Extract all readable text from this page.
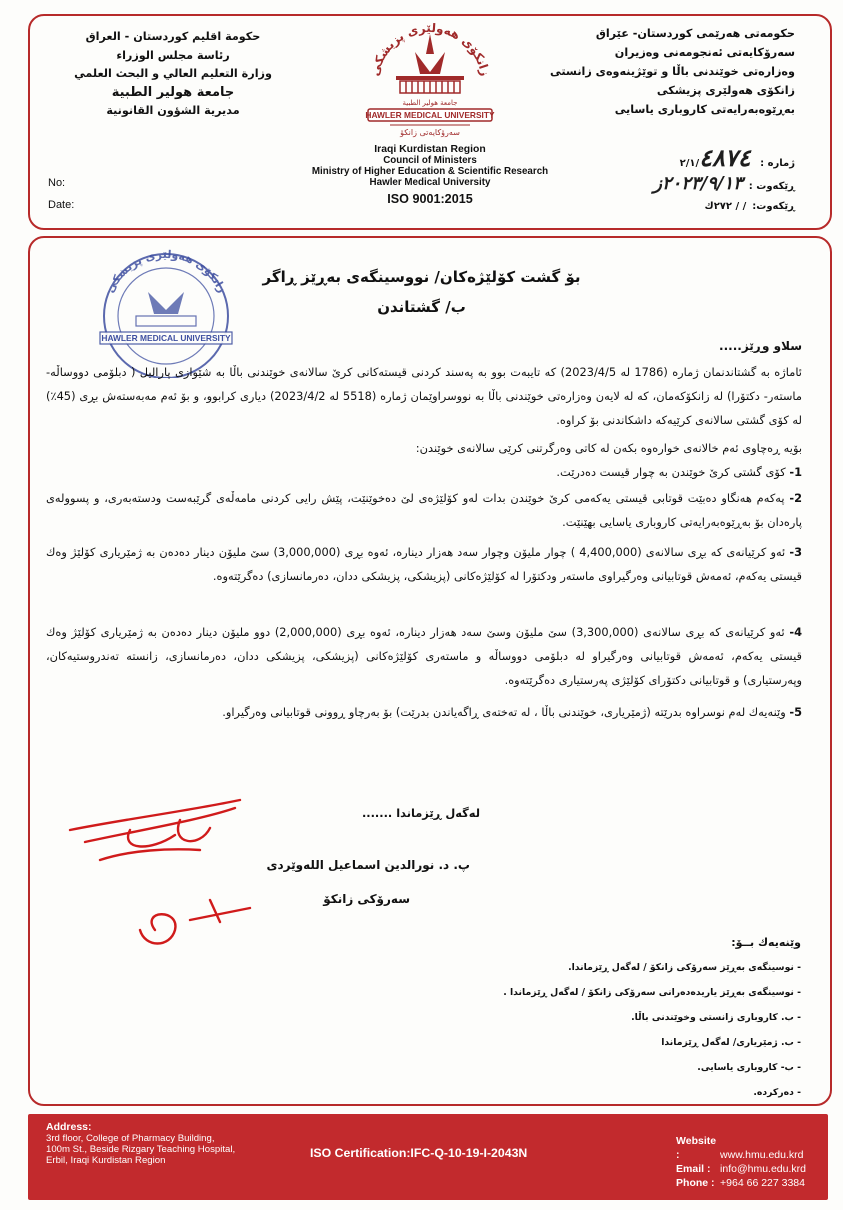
حكومەتی هەرێمی كوردستان- عێراق
سەرۆكایەتی ئەنجومەنی وەزیران
وەزارەتی خوێندنی باڵا و توێژینەوەی زانستی
زانكۆی هەولێری پزیشكی
بەڕێوەبەرایەتی كاروباری یاسایی
حكومة اقليم كوردستان - العراق
رئاسة مجلس الوزراء
وزارة التعليم العالي و البحث العلمي
جامعة هولير الطبية
مديرية الشؤون القانونية
زانكۆی هەولێری پزیشكی
جامعة هولير الطبية
HAWLER MEDICAL UNIVERSITY
سەرۆكایەتی زانكۆ
Iraqi Kurdistan Region
Council of Ministers
Ministry of Higher Education & Scientific Research
Hawler Medical University
ISO 9001:2015
No:
Date:
ژمارە : ٢/١/٤٨٧٤
ڕێكەوت :٢٠٢٣/٩/١٣ز
ڕێكەوت:/ / ٢٧٢ك
زانكۆی هەولێری پزیشكی
HAWLER MEDICAL UNIVERSITY
بۆ گشت كۆلێژەكان/ نووسینگەی بەڕێز ڕاگر
ب/ گشتاندن
سلاو وڕێز.....
ئاماژە بە گشتاندنمان ژمارە (1786 لە 2023/4/5) كە تایبەت بوو بە پەسند كردنی قیستەكانی كرێ سالانەی خوێندنی باڵا بە شێوازی پارالیل ( دبلۆمی دووساڵە- ماستەر- دكتۆرا) لە زانكۆكەمان، كە لە لایەن وەزارەتی خوێندنی باڵا بە نووسراوێمان ژمارە (5518 لە 2023/4/2) دیاری كرابوو، و بۆ ئەم مەبەستەش بڕی (45٪) لە كۆی گشتی سالانەی كرێیەكە داشكاندنی بۆ كراوە.
بۆیە ڕەچاوی ئەم خالانەی خوارەوە بكەن لە كاتی وەرگرتنی كرێی سالانەی خوێندن:
1- كۆی گشتی كرێ خوێندن بە چوار قیست دەدرێت.
2- پەكەم هەنگاو دەبێت قوتابی قیستی یەكەمی كرێ خوێندن بدات لەو كۆلێژەی لێ دەخوێنێت، پێش رایی كردنی مامەڵەی گرێبەست ودستەبەری، و پسوولەی پارەدان بۆ بەڕێوەبەرایەتی كاروباری یاسایی بهێنێت.
3- ئەو كرێیانەی كە بڕی سالانەی (4,400,000 ) چوار ملیۆن وچوار سەد هەزار دینارە، ئەوە بڕی (3,000,000) سێ ملیۆن دینار دەدەن بە ژمێریاری كۆلێژ وەك قیستی یەكەم، ئەمەش قوتابیانی وەرگیراوی ماستەر ودكتۆرا لە كۆلێژەكانی (پزیشكی، پزیشكی ددان، دەرمانسازی) دەگرێتەوە.
4- ئەو كرێیانەی كە بڕی سالانەی (3,300,000) سێ ملیۆن وسێ سەد هەزار دینارە، ئەوە بڕی (2,000,000) دوو ملیۆن دینار دەدەن بە ژمێریاری كۆلێژ وەك قیستی یەكەم، ئەمەش قوتابیانی وەرگیراو لە دبلۆمی دووساڵە و ماستەری كۆلێژەكانی (پزیشكی، پزیشكی ددان، دەرمانسازی، زانستە تەندروستیەكان، وپەرستیاری) و قوتابیانی دكتۆرای كۆلێژی پەرستیاری دەگرێتەوە.
5- وێنەیەك لەم نوسراوە بدرێتە (ژمێریاری، خوێندنی باڵا ، لە تەختەی ڕاگەیاندن بدرێت) بۆ بەرچاو ڕوونی قوتابیانی وەرگیراو.
لەگەل ڕێزماندا .......
پ. د. نورالدین اسماعیل اللەوێردی
سەرۆكی زانكۆ
وێنەیەك بــۆ:
- نوسینگەی بەڕێز سەرۆكی زانكۆ / لەگەل ڕێزماندا.
- نوسینگەی بەڕێز یاریدەدەرانی سەرۆكی زانكۆ / لەگەل ڕێزماندا .
- ب. كاروباری زانستی وخوێندنی باڵا.
- ب. ژمێریاری/ لەگەل ڕێزماندا
- ب- كاروباری یاسایی.
- دەرکردە.
Address:
3rd floor, College of Pharmacy Building,
100m St., Beside Rizgary Teaching Hospital,
Erbil, Iraqi Kurdistan Region
ISO Certification:IFC-Q-10-19-I-2043N
Website :	www.hmu.edu.krd
Email : info@hmu.edu.krd
Phone : +964 66 227 3384
